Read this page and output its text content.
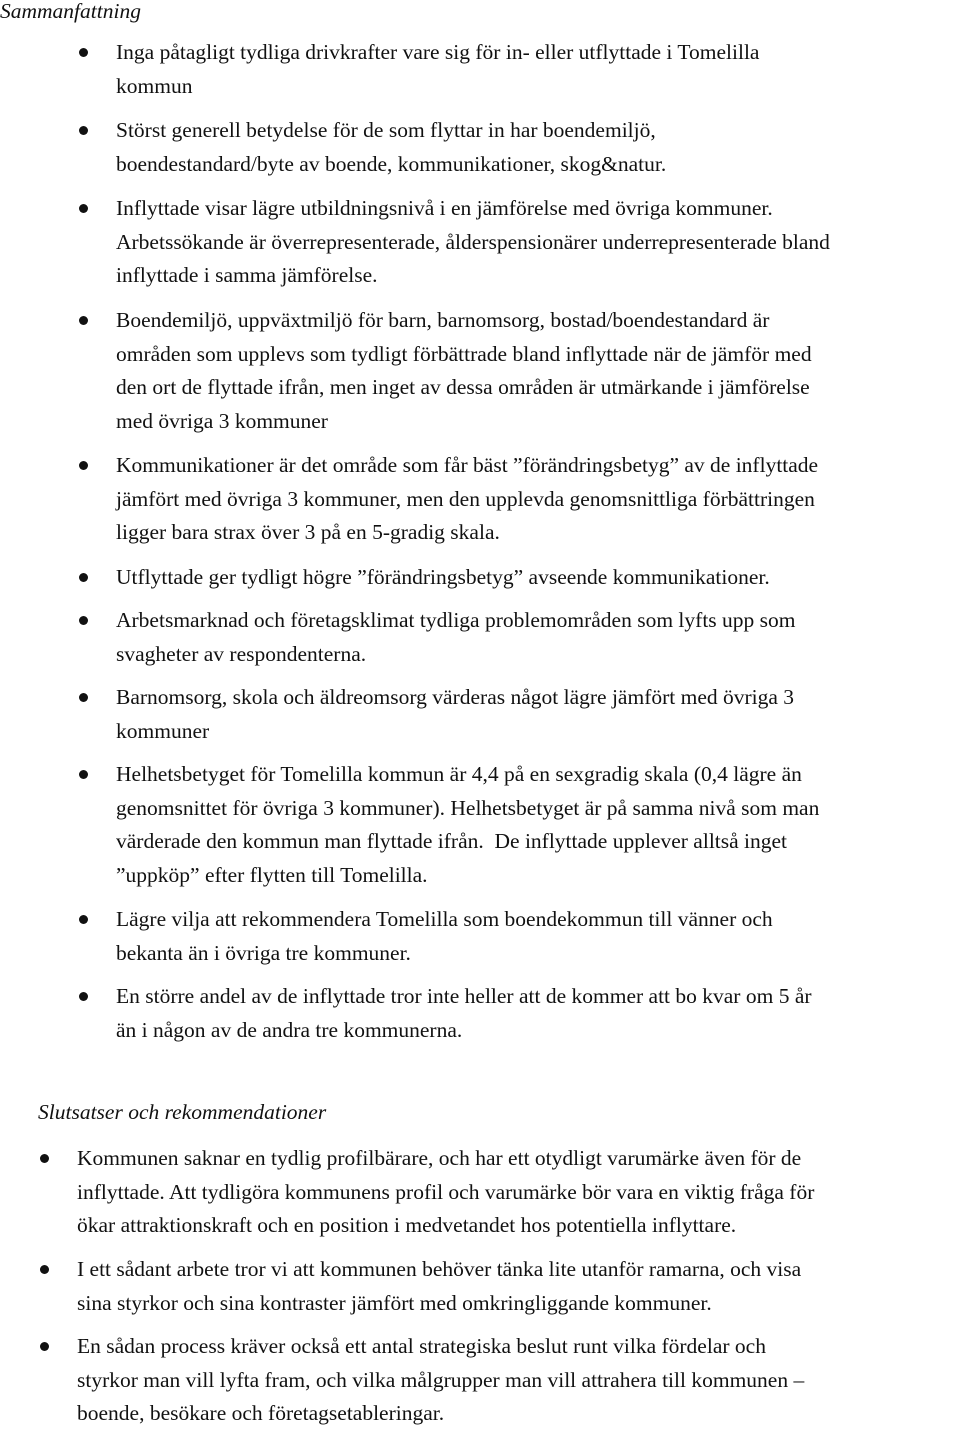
Sammanfattning
Inga påtagligt tydliga drivkrafter vare sig för in- eller utflyttade i Tomelilla
kommun
Störst generell betydelse för de som flyttar in har boendemiljö,
boendestandard/byte av boende, kommunikationer, skog&natur.
Inflyttade visar lägre utbildningsnivå i en jämförelse med övriga kommuner.
Arbetssökande är överrepresenterade, ålderspensionärer underrepresenterade bland
inflyttade i samma jämförelse.
Boendemiljö, uppväxtmiljö för barn, barnomsorg, bostad/boendestandard är
områden som upplevs som tydligt förbättrade bland inflyttade när de jämför med
den ort de flyttade ifrån, men inget av dessa områden är utmärkande i jämförelse
med övriga 3 kommuner
Kommunikationer är det område som får bäst ”förändringsbetyg” av de inflyttade
jämfört med övriga 3 kommuner, men den upplevda genomsnittliga förbättringen
ligger bara strax över 3 på en 5-gradig skala.
Utflyttade ger tydligt högre ”förändringsbetyg” avseende kommunikationer.
Arbetsmarknad och företagsklimat tydliga problemområden som lyfts upp som
svagheter av respondenterna.
Barnomsorg, skola och äldreomsorg värderas något lägre jämfört med övriga 3
kommuner
Helhetsbetyget för Tomelilla kommun är 4,4 på en sexgradig skala (0,4 lägre än
genomsnittet för övriga 3 kommuner). Helhetsbetyget är på samma nivå som man
värderade den kommun man flyttade ifrån.  De inflyttade upplever alltså inget
”uppköp” efter flytten till Tomelilla.
Lägre vilja att rekommendera Tomelilla som boendekommun till vänner och
bekanta än i övriga tre kommuner.
En större andel av de inflyttade tror inte heller att de kommer att bo kvar om 5 år
än i någon av de andra tre kommunerna.
Slutsatser och rekommendationer
Kommunen saknar en tydlig profilbärare, och har ett otydligt varumärke även för de
inflyttade. Att tydligöra kommunens profil och varumärke bör vara en viktig fråga för
ökar attraktionskraft och en position i medvetandet hos potentiella inflyttare.
I ett sådant arbete tror vi att kommunen behöver tänka lite utanför ramarna, och visa
sina styrkor och sina kontraster jämfört med omkringliggande kommuner.
En sådan process kräver också ett antal strategiska beslut runt vilka fördelar och
styrkor man vill lyfta fram, och vilka målgrupper man vill attrahera till kommunen –
boende, besökare och företagsetableringar.
